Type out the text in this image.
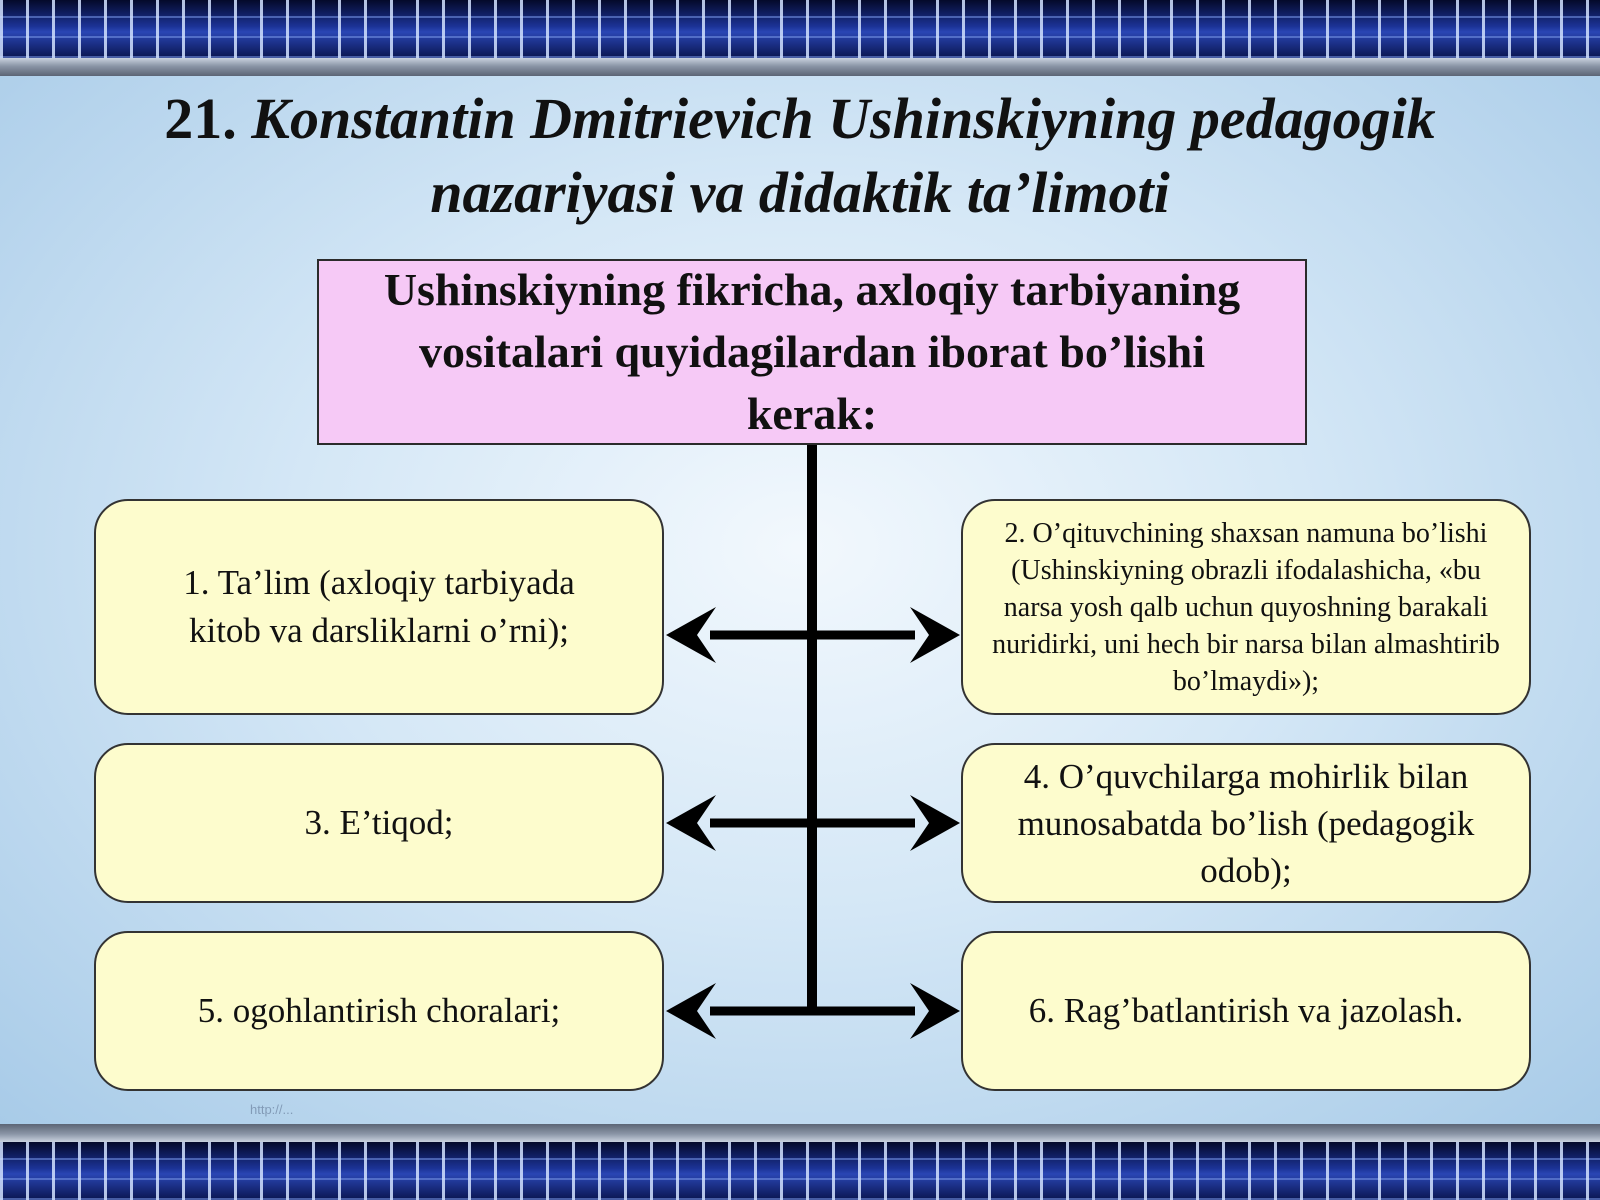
21. Konstantin Dmitrievich Ushinskiyning pedagogik nazariyasi va didaktik ta’limoti
Ushinskiyning fikricha, axloqiy tarbiyaning vositalari quyidagilardan iborat bo’lishi kerak:
1. Ta’lim (axloqiy tarbiyada kitob va darsliklarni o’rni);
2. O’qituvchining shaxsan namuna bo’lishi (Ushinskiyning obrazli ifodalashicha, «bu narsa yosh qalb uchun quyoshning barakali nuridirki, uni hech bir narsa bilan almashtirib bo’lmaydi»);
3. E’tiqod;
4. O’quvchilarga mohirlik bilan munosabatda bo’lish (pedagogik odob);
5. ogohlantirish choralari;	6. Rag’batlantirish va jazolash.
http://...
